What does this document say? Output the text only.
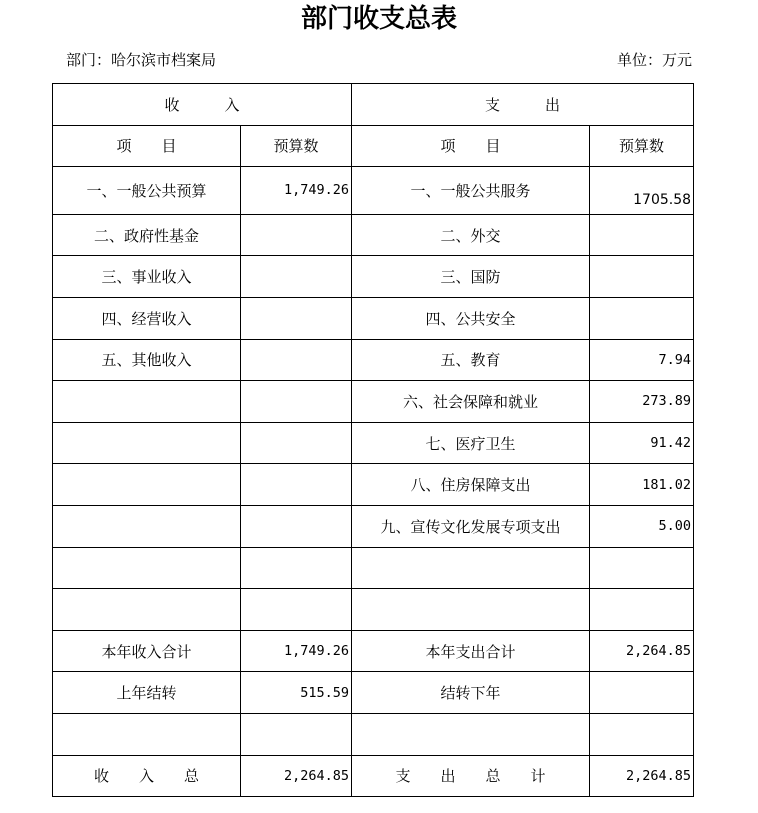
部门收支总表
部门：哈尔滨市档案局	单位：万元
收　　　入		支　　　出	
项　　目	预算数	项　　目	预算数
一、一般公共预算	1,749.26	一、一般公共服务	1705.58
二、政府性基金		二、外交	
三、事业收入		三、国防	
四、经营收入		四、公共安全	
五、其他收入		五、教育	7.94
		六、社会保障和就业	273.89
		七、医疗卫生	91.42
		八、住房保障支出	181.02
		九、宣传文化发展专项支出	5.00

本年收入合计	1,749.26	本年支出合计	2,264.85
上年结转	515.59	结转下年	

收　　入　　总	2,264.85	支　　出　　总　　计	2,264.85
